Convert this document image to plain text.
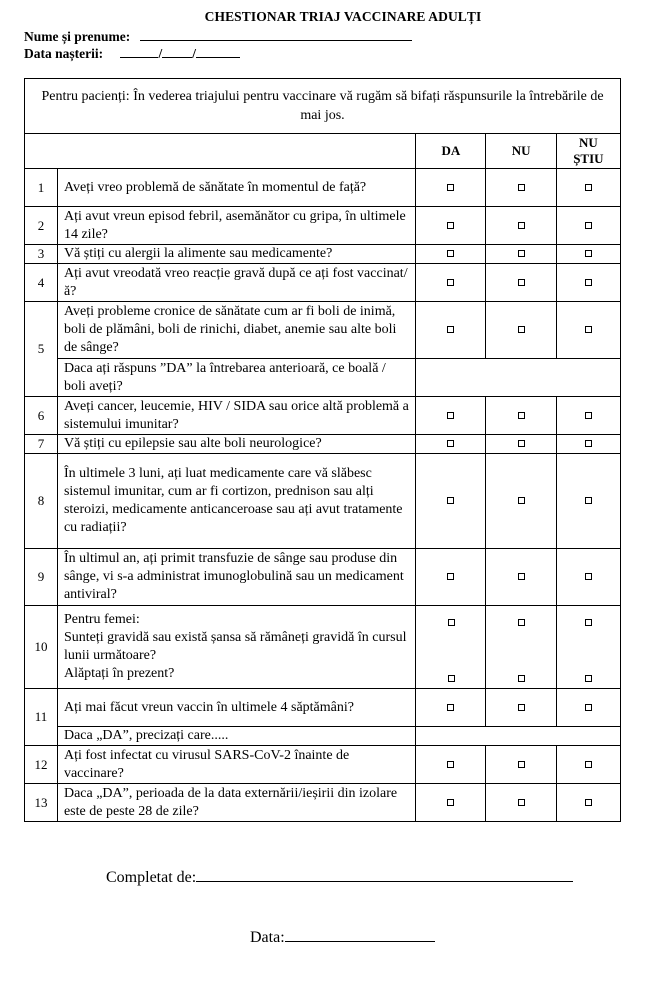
CHESTIONAR TRIAJ VACCINARE ADULȚI
Nume și prenume:
Data nașterii:	/ /
Pentru pacienți: În vederea triajului pentru vaccinare vă rugăm să bifați răspunsurile la întrebările de mai jos.				
		DA	NU	NU
ȘTIU
1	Aveți vreo problemă de sănătate în momentul de față?			
2	Ați avut vreun episod febril, asemănător cu gripa, în ultimele 14 zile?			
3	Vă știți cu alergii la alimente sau medicamente?			
4	Ați avut vreodată vreo reacție gravă după ce ați fost vaccinat/ă?			
5	Aveți probleme cronice de sănătate cum ar fi boli de inimă, boli de plămâni, boli de rinichi, diabet, anemie sau alte boli de sânge?			
	Daca ați răspuns ”DA” la întrebarea anterioară, ce boală / boli aveți?			
6	Aveți cancer, leucemie, HIV / SIDA sau orice altă problemă a sistemului imunitar?			
7	Vă știți cu epilepsie sau alte boli neurologice?			
8	În ultimele 3 luni, ați luat medicamente care vă slăbesc sistemul imunitar, cum ar fi cortizon, prednison sau alți steroizi, medicamente anticanceroase sau ați avut tratamente cu radiații?			
9	În ultimul an, ați primit transfuzie de sânge sau produse din sânge, vi s-a administrat imunoglobulină sau un medicament antiviral?			
10	Pentru femei:
Sunteți gravidă sau există șansa să rămâneți gravidă în cursul lunii următoare?
Alăptați în prezent?	

11	Ați mai făcut vreun vaccin în ultimele 4 săptămâni?			
	Daca „DA”, precizați care.....			
12	Ați fost infectat cu virusul SARS-CoV-2 înainte de vaccinare?			
13	Daca „DA”, perioada de la data externării/ieșirii din izolare este de peste 28 de zile?			
Completat de:
Data:
